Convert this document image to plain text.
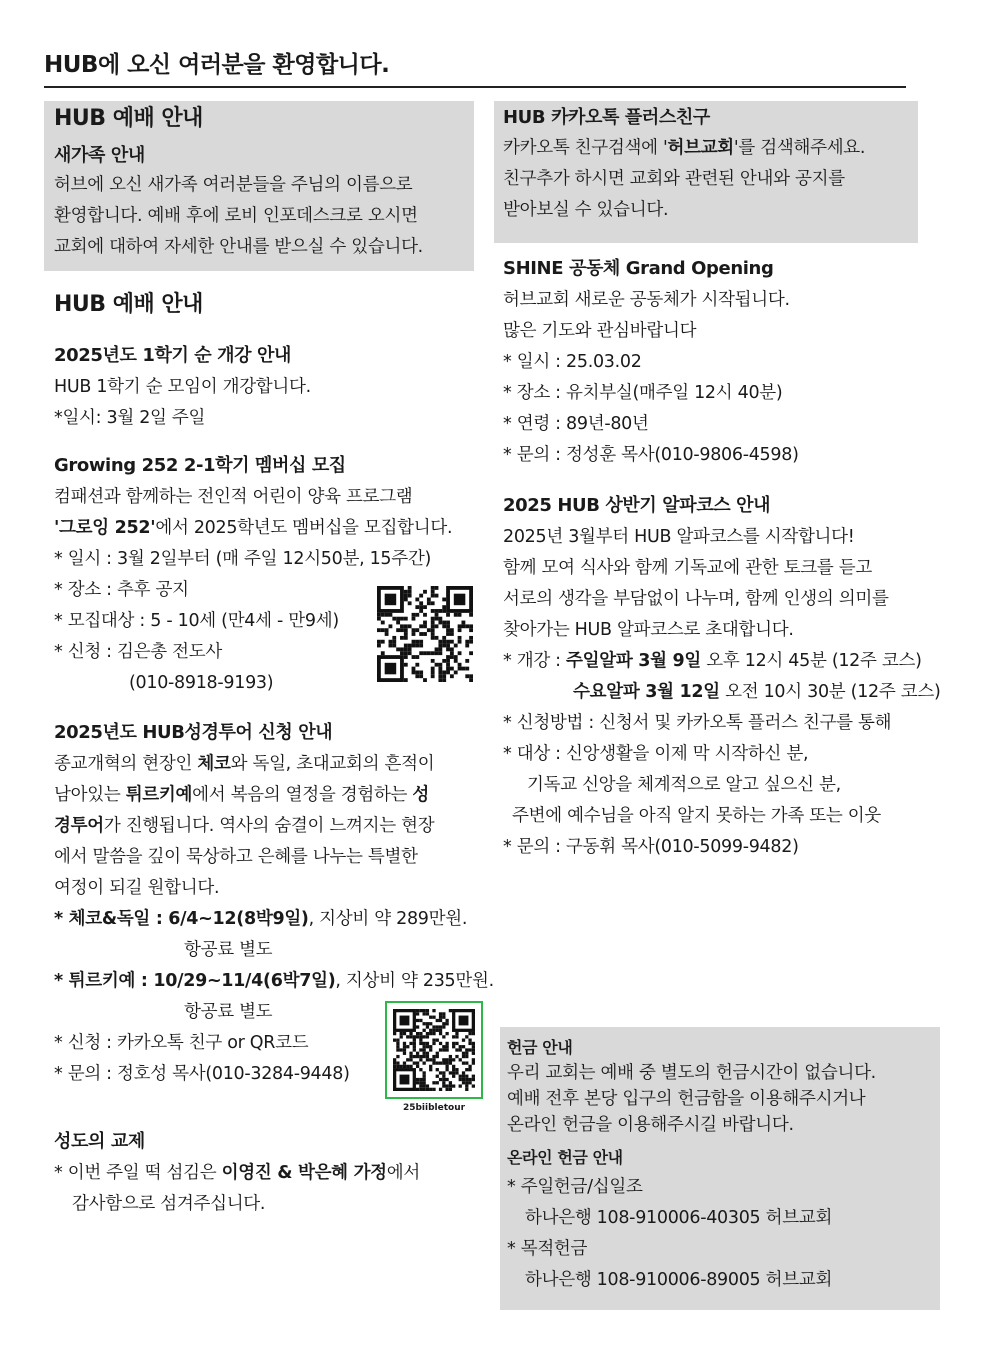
HUB에 오신 여러분을 환영합니다.
HUB 예배 안내
새가족 안내
허브에 오신 새가족 여러분들을 주님의 이름으로
환영합니다. 예배 후에 로비 인포데스크로 오시면
교회에 대하여 자세한 안내를 받으실 수 있습니다.
HUB 예배 안내
2025년도 1학기 순 개강 안내
HUB 1학기 순 모임이 개강합니다.
*일시: 3월 2일 주일
Growing 252 2-1학기 멤버십 모집
컴패션과 함께하는 전인적 어린이 양육 프로그램
'그로잉 252'에서 2025학년도 멤버십을 모집합니다.
* 일시 : 3월 2일부터 (매 주일 12시50분, 15주간)
* 장소 : 추후 공지
* 모집대상 : 5 - 10세 (만4세 - 만9세)
* 신청 : 김은총 전도사
(010-8918-9193)
2025년도 HUB성경투어 신청 안내
종교개혁의 현장인 체코와 독일, 초대교회의 흔적이
남아있는 튀르키예에서 복음의 열정을 경험하는 성
경투어가 진행됩니다. 역사의 숨결이 느껴지는 현장
에서 말씀을 깊이 묵상하고 은혜를 나누는 특별한
여정이 되길 원합니다.
* 체코&독일 : 6/4~12(8박9일), 지상비 약 289만원.
항공료 별도
* 튀르키예 : 10/29~11/4(6박7일), 지상비 약 235만원.
항공료 별도
* 신청 : 카카오톡 친구 or QR코드
* 문의 : 정호성 목사(010-3284-9448)
25biibletour
성도의 교제
* 이번 주일 떡 섬김은 이영진 & 박은혜 가정에서
감사함으로 섬겨주십니다.
HUB 카카오톡 플러스친구
카카오톡 친구검색에 '허브교회'를 검색해주세요.
친구추가 하시면 교회와 관련된 안내와 공지를
받아보실 수 있습니다.
SHINE 공동체 Grand Opening
허브교회 새로운 공동체가 시작됩니다.
많은 기도와 관심바랍니다
* 일시 : 25.03.02
* 장소 : 유치부실(매주일 12시 40분)
* 연령 : 89년-80년
* 문의 : 정성훈 목사(010-9806-4598)
2025 HUB 상반기 알파코스 안내
2025년 3월부터 HUB 알파코스를 시작합니다!
함께 모여 식사와 함께 기독교에 관한 토크를 듣고
서로의 생각을 부담없이 나누며, 함께 인생의 의미를
찾아가는 HUB 알파코스로 초대합니다.
* 개강 : 주일알파 3월 9일 오후 12시 45분 (12주 코스)
수요알파 3월 12일 오전 10시 30분 (12주 코스)
* 신청방법 : 신청서 및 카카오톡 플러스 친구를 통해
* 대상 : 신앙생활을 이제 막 시작하신 분,
기독교 신앙을 체계적으로 알고 싶으신 분,
주변에 예수님을 아직 알지 못하는 가족 또는 이웃
* 문의 : 구동휘 목사(010-5099-9482)
헌금 안내
우리 교회는 예배 중 별도의 헌금시간이 없습니다.
예배 전후 본당 입구의 헌금함을 이용해주시거나
온라인 헌금을 이용해주시길 바랍니다.
온라인 헌금 안내
* 주일헌금/십일조
하나은행 108-910006-40305 허브교회
* 목적헌금
하나은행 108-910006-89005 허브교회
